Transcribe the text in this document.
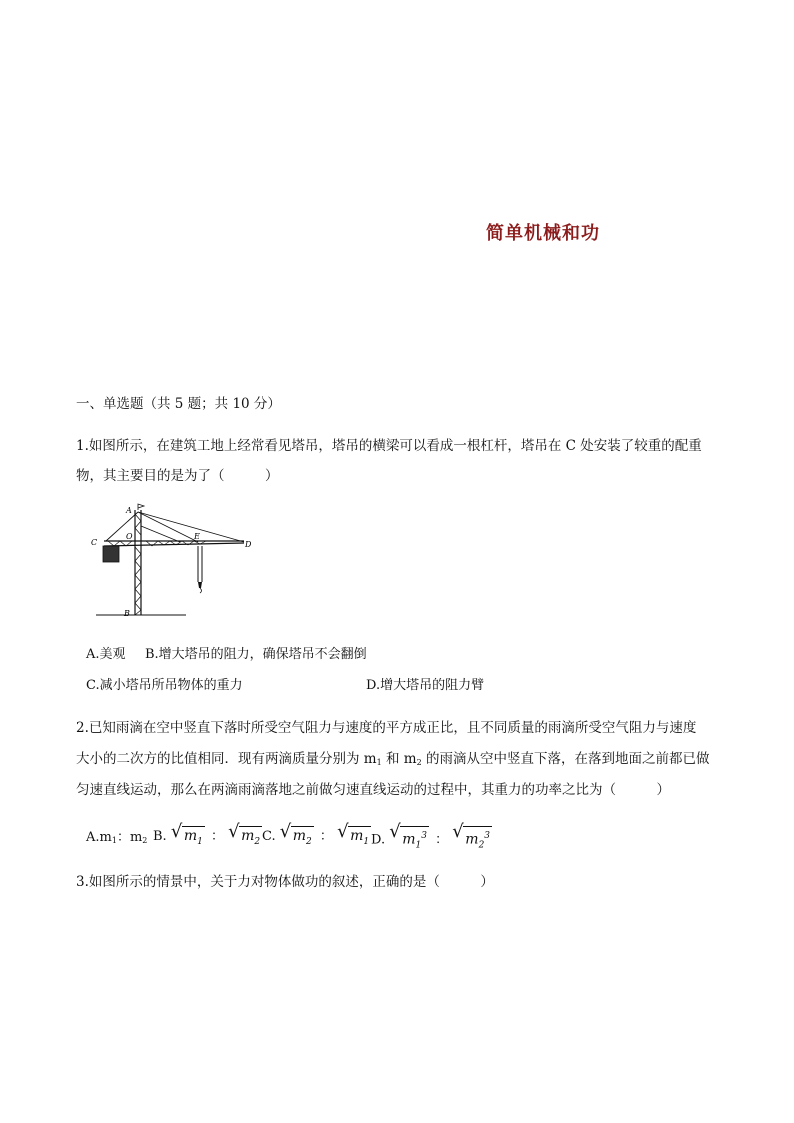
简单机械和功
一、单选题（共 5 题；共 10 分）
1.如图所示，在建筑工地上经常看见塔吊，塔吊的横梁可以看成一根杠杆，塔吊在 C 处安装了较重的配重
物，其主要目的是为了（　　　）
A
O
C
E
D
B
A.美观 B.增大塔吊的阻力，确保塔吊不会翻倒
C.减小塔吊所吊物体的重力	D.增大塔吊的阻力臂
2.已知雨滴在空中竖直下落时所受空气阻力与速度的平方成正比，且不同质量的雨滴所受空气阻力与速度
大小的二次方的比值相同．现有两滴质量分别为 $m_1$ 和 $m_2$ 的雨滴从空中竖直下落，在落到地面之前都已做
匀速直线运动，那么在两滴雨滴落地之前做匀速直线运动的过程中，其重力的功率之比为（　　　）
$A.m_1$：$m_2$ B. √ $m_1$ ： √ $m_2$ C. √ $m_2$ ： √ $m_1$ D. √ $m_1^3$ ： √ $m_2^3$
3.如图所示的情景中，关于力对物体做功的叙述，正确的是（　　　）
